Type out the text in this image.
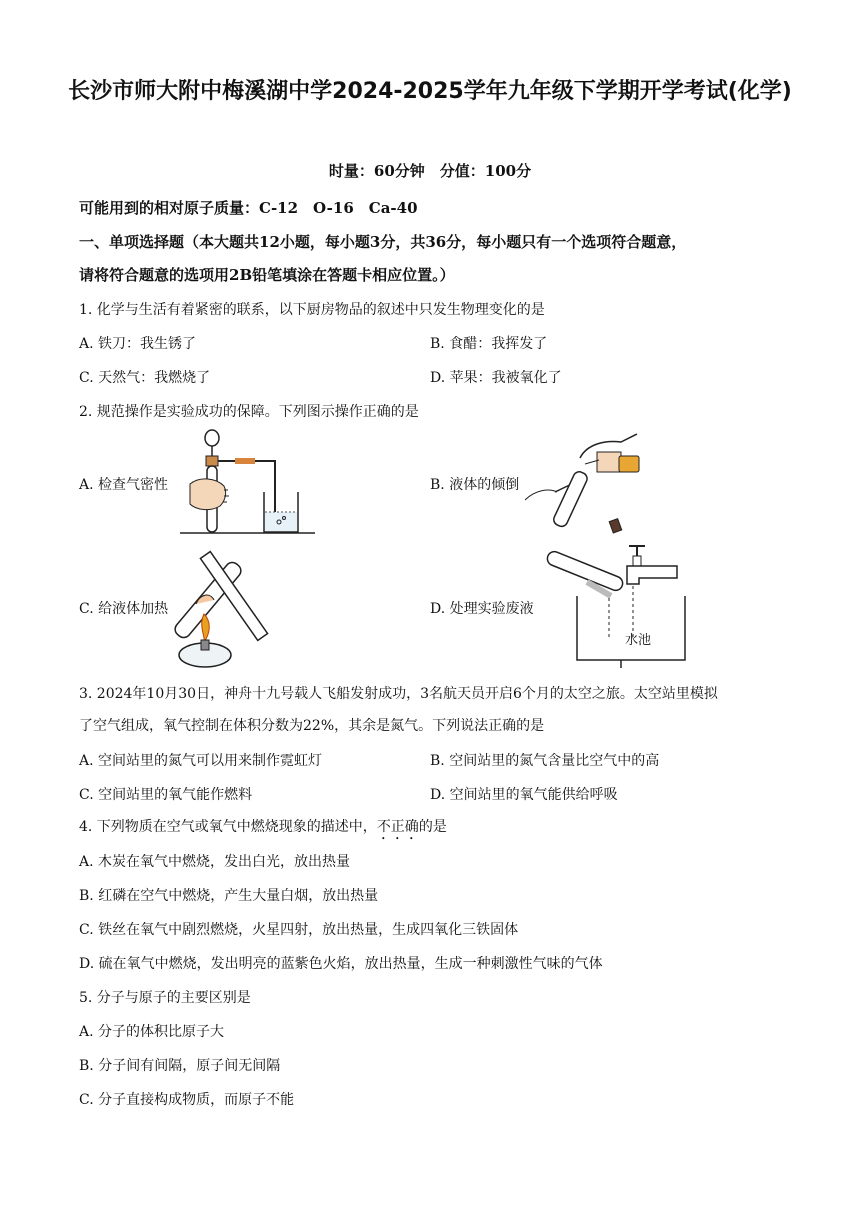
长沙市师大附中梅溪湖中学2024-2025学年九年级下学期开学考试(化学)
时量：60分钟　分值：100分
可能用到的相对原子质量：C-12　O-16　Ca-40
一、单项选择题（本大题共12小题，每小题3分，共36分，每小题只有一个选项符合题意，
请将符合题意的选项用2B铅笔填涂在答题卡相应位置。）
1. 化学与生活有着紧密的联系，以下厨房物品的叙述中只发生物理变化的是
A. 铁刀：我生锈了	B. 食醋：我挥发了
C. 天然气：我燃烧了	D. 苹果：我被氧化了
2. 规范操作是实验成功的保障。下列图示操作正确的是
A. 检查气密性	B. 液体的倾倒
C. 给液体加热	D. 处理实验废液
水池
3. 2024年10月30日，神舟十九号载人飞船发射成功，3名航天员开启6个月的太空之旅。太空站里模拟
了空气组成，氧气控制在体积分数为22%，其余是氮气。下列说法正确的是
A. 空间站里的氮气可以用来制作霓虹灯	B. 空间站里的氮气含量比空气中的高
C. 空间站里的氧气能作燃料	D. 空间站里的氧气能供给呼吸
4. 下列物质在空气或氧气中燃烧现象的描述中，不正确的是
A. 木炭在氧气中燃烧，发出白光，放出热量
B. 红磷在空气中燃烧，产生大量白烟，放出热量
C. 铁丝在氧气中剧烈燃烧，火星四射，放出热量，生成四氧化三铁固体
D. 硫在氧气中燃烧，发出明亮的蓝紫色火焰，放出热量，生成一种刺激性气味的气体
5. 分子与原子的主要区别是
A. 分子的体积比原子大
B. 分子间有间隔，原子间无间隔
C. 分子直接构成物质，而原子不能
